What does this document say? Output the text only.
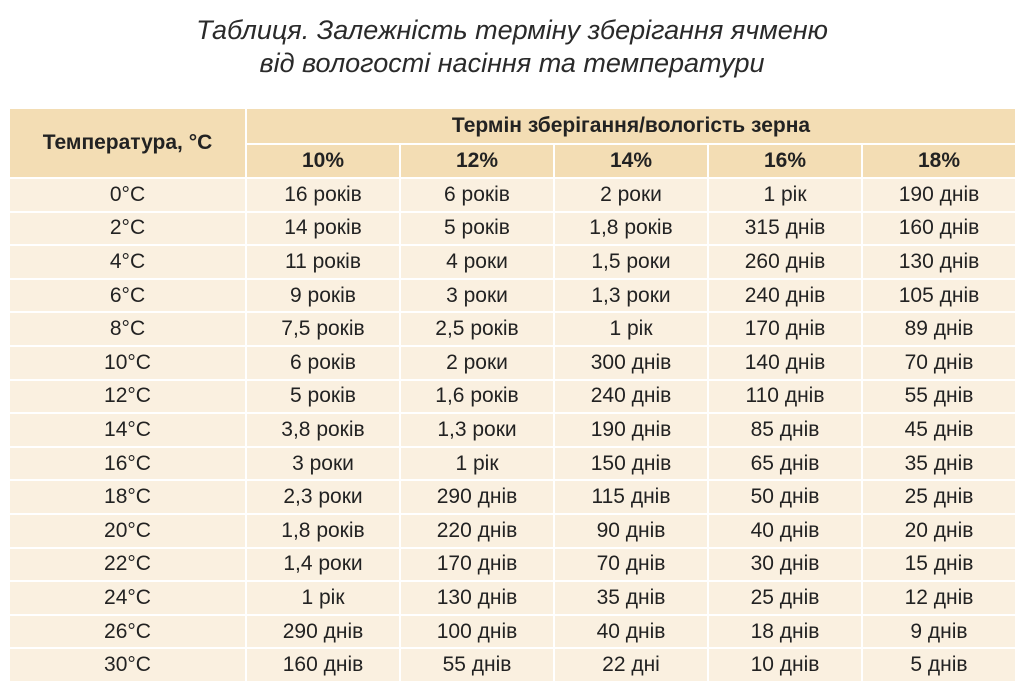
Таблиця. Залежність терміну зберігання ячменю
від вологості насіння та температури
Температура, °С	Термін зберігання/вологість зерна				
	10%	12%	14%	16%	18%
0°С	16 років	6 років	2 роки	1 рік	190 днів
2°С	14 років	5 років	1,8 років	315 днів	160 днів
4°С	11 років	4 роки	1,5 роки	260 днів	130 днів
6°С	9 років	3 роки	1,3 роки	240 днів	105 днів
8°С	7,5 років	2,5 років	1 рік	170 днів	89 днів
10°С	6 років	2 роки	300 днів	140 днів	70 днів
12°С	5 років	1,6 років	240 днів	110 днів	55 днів
14°С	3,8 років	1,3 роки	190 днів	85 днів	45 днів
16°С	3 роки	1 рік	150 днів	65 днів	35 днів
18°С	2,3 роки	290 днів	115 днів	50 днів	25 днів
20°С	1,8 років	220 днів	90 днів	40 днів	20 днів
22°С	1,4 роки	170 днів	70 днів	30 днів	15 днів
24°С	1 рік	130 днів	35 днів	25 днів	12 днів
26°С	290 днів	100 днів	40 днів	18 днів	9 днів
30°С	160 днів	55 днів	22 дні	10 днів	5 днів
